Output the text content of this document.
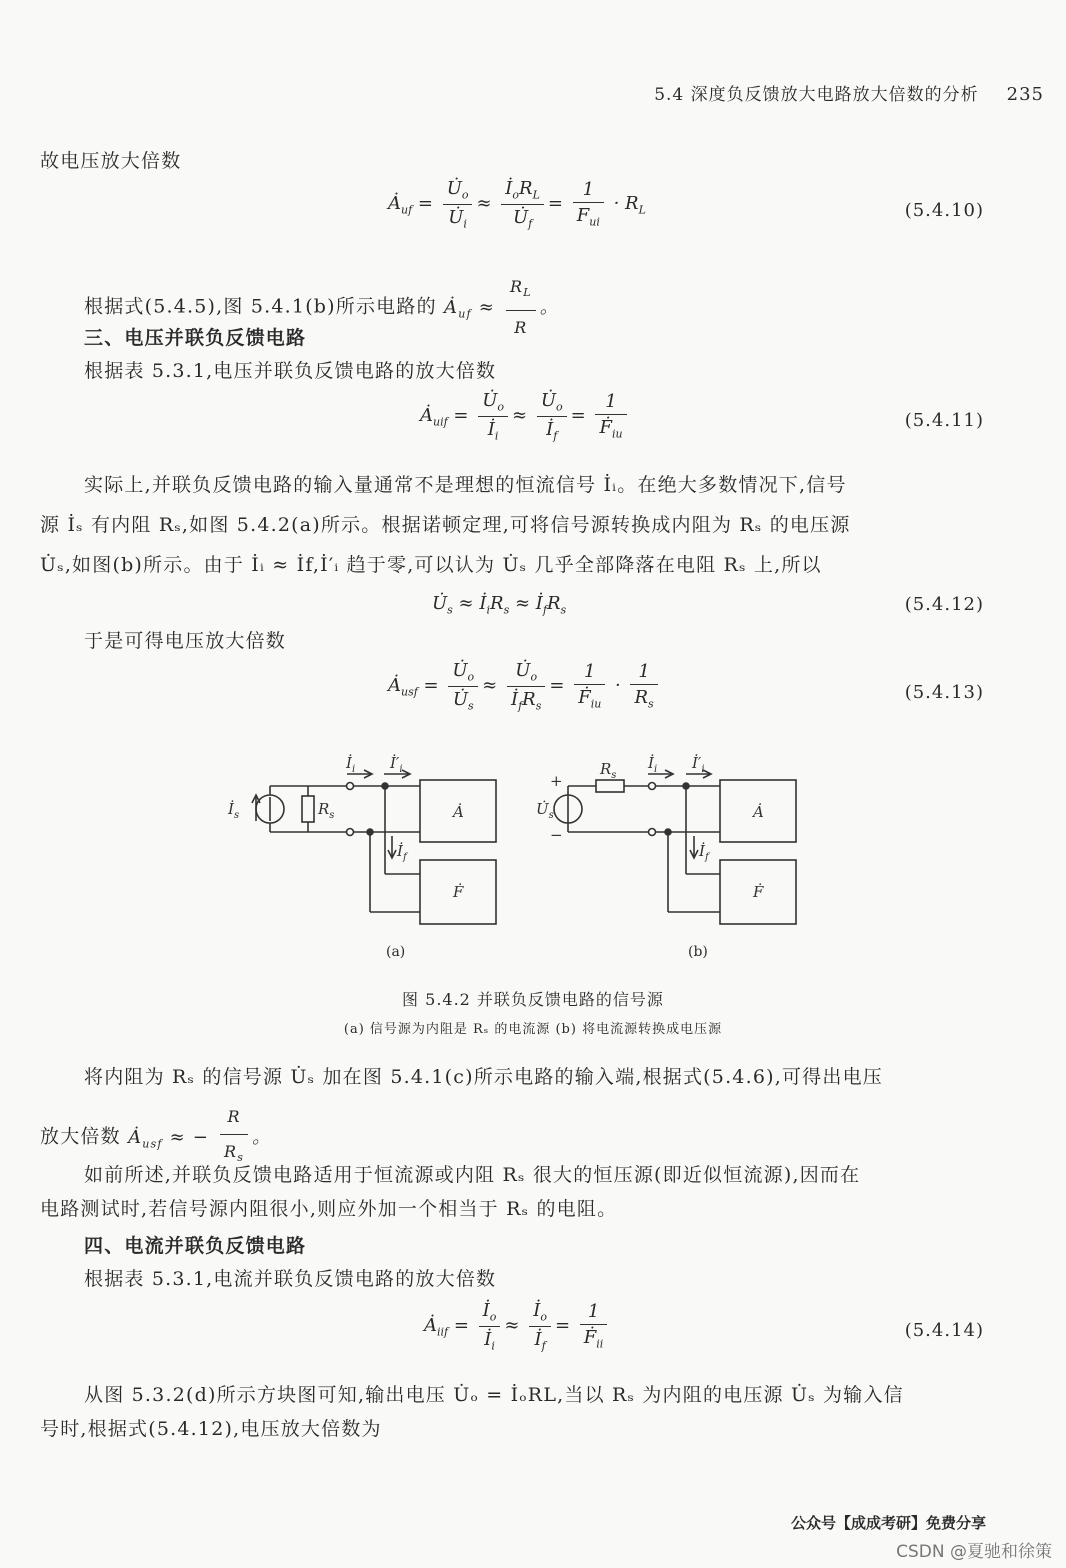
5.4 深度负反馈放大电路放大倍数的分析 235
故电压放大倍数
$Ȧ_{uf} = \frac{U̇_o}{U̇_i} \approx \frac{İ_oR_L}{U̇_f} = \frac{1}{F_{ui}} \cdot R_L$	(5.4.10)
根据式(5.4.5),图 5.4.1(b)所示电路的 $Ȧ_{uf} \approx \frac{R_L}{R}$ 。
三、电压并联负反馈电路
根据表 5.3.1,电压并联负反馈电路的放大倍数
$Ȧ_{uif} = \frac{U̇_o}{İ_i} \approx \frac{U̇_o}{İ_f} = \frac{1}{Ḟ_{iu}}$	(5.4.11)
实际上,并联负反馈电路的输入量通常不是理想的恒流信号 İᵢ。在绝大多数情况下,信号
源 İₛ 有内阻 Rₛ,如图 5.4.2(a)所示。根据诺顿定理,可将信号源转换成内阻为 Rₛ 的电压源
U̇ₛ,如图(b)所示。由于 İᵢ ≈ İf,İ′ᵢ 趋于零,可以认为 U̇ₛ 几乎全部降落在电阻 Rₛ 上,所以
$U̇_s$ ≈ $İ_iR_s$ ≈ $İ_fR_s$	(5.4.12)
于是可得电压放大倍数
$Ȧ_{usf} = \frac{U̇_o}{U̇_s} \approx \frac{U̇_o}{İ_fR_s} = \frac{1}{Ḟ_{iu}} \cdot \frac{1}{R_s}$	(5.4.13)
$İ_s$	$R_s$
$İ_i$ $İ'_i$
$İ_f$
Ȧ
Ḟ
$U̇_s$
+
−
$R_s$
$İ_i$ $İ'_i$
$İ_f$
Ȧ
Ḟ
(a)	(b)
图 5.4.2 并联负反馈电路的信号源
(a) 信号源为内阻是 Rₛ 的电流源 (b) 将电流源转换成电压源
将内阻为 Rₛ 的信号源 U̇ₛ 加在图 5.4.1(c)所示电路的输入端,根据式(5.4.6),可得出电压
放大倍数 $Ȧ_{usf}$ ≈ − $\frac{R}{R_s}$ 。
如前所述,并联负反馈电路适用于恒流源或内阻 Rₛ 很大的恒压源(即近似恒流源),因而在
电路测试时,若信号源内阻很小,则应外加一个相当于 Rₛ 的电阻。
四、电流并联负反馈电路
根据表 5.3.1,电流并联负反馈电路的放大倍数
$Ȧ_{iif} = \frac{İ_o}{İ_i} \approx \frac{İ_o}{İ_f} = \frac{1}{Ḟ_{ii}}$	(5.4.14)
从图 5.3.2(d)所示方块图可知,输出电压 U̇ₒ = İₒRL,当以 Rₛ 为内阻的电压源 U̇ₛ 为输入信
号时,根据式(5.4.12),电压放大倍数为
公众号【成成考研】免费分享
CSDN @夏驰和徐策
